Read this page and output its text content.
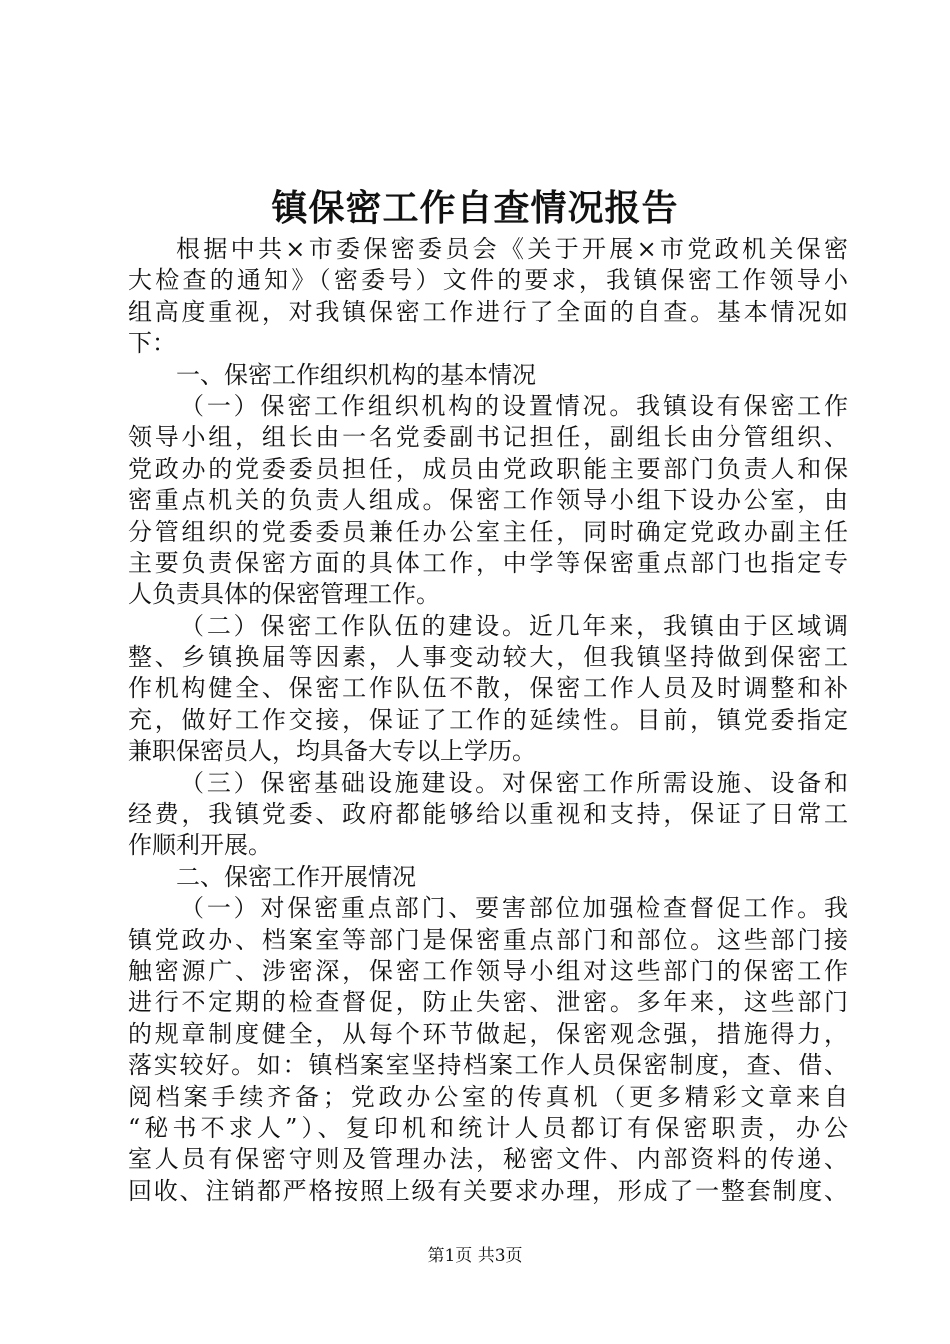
镇保密工作自查情况报告
根据中共×市委保密委员会《关于开展×市党政机关保密
大检查的通知》（密委号）文件的要求，我镇保密工作领导小
组高度重视，对我镇保密工作进行了全面的自查。基本情况如
下：
一、保密工作组织机构的基本情况
（一）保密工作组织机构的设置情况。我镇设有保密工作
领导小组，组长由一名党委副书记担任，副组长由分管组织、
党政办的党委委员担任，成员由党政职能主要部门负责人和保
密重点机关的负责人组成。保密工作领导小组下设办公室，由
分管组织的党委委员兼任办公室主任，同时确定党政办副主任
主要负责保密方面的具体工作，中学等保密重点部门也指定专
人负责具体的保密管理工作。
（二）保密工作队伍的建设。近几年来，我镇由于区域调
整、乡镇换届等因素，人事变动较大，但我镇坚持做到保密工
作机构健全、保密工作队伍不散，保密工作人员及时调整和补
充，做好工作交接，保证了工作的延续性。目前，镇党委指定
兼职保密员人，均具备大专以上学历。
（三）保密基础设施建设。对保密工作所需设施、设备和
经费，我镇党委、政府都能够给以重视和支持，保证了日常工
作顺利开展。
二、保密工作开展情况
（一）对保密重点部门、要害部位加强检查督促工作。我
镇党政办、档案室等部门是保密重点部门和部位。这些部门接
触密源广、涉密深，保密工作领导小组对这些部门的保密工作
进行不定期的检查督促，防止失密、泄密。多年来，这些部门
的规章制度健全，从每个环节做起，保密观念强，措施得力，
落实较好。如：镇档案室坚持档案工作人员保密制度，查、借、
阅档案手续齐备；党政办公室的传真机（更多精彩文章来自
“秘书不求人”）、复印机和统计人员都订有保密职责，办公
室人员有保密守则及管理办法，秘密文件、内部资料的传递、
回收、注销都严格按照上级有关要求办理，形成了一整套制度、
第1页 共3页
